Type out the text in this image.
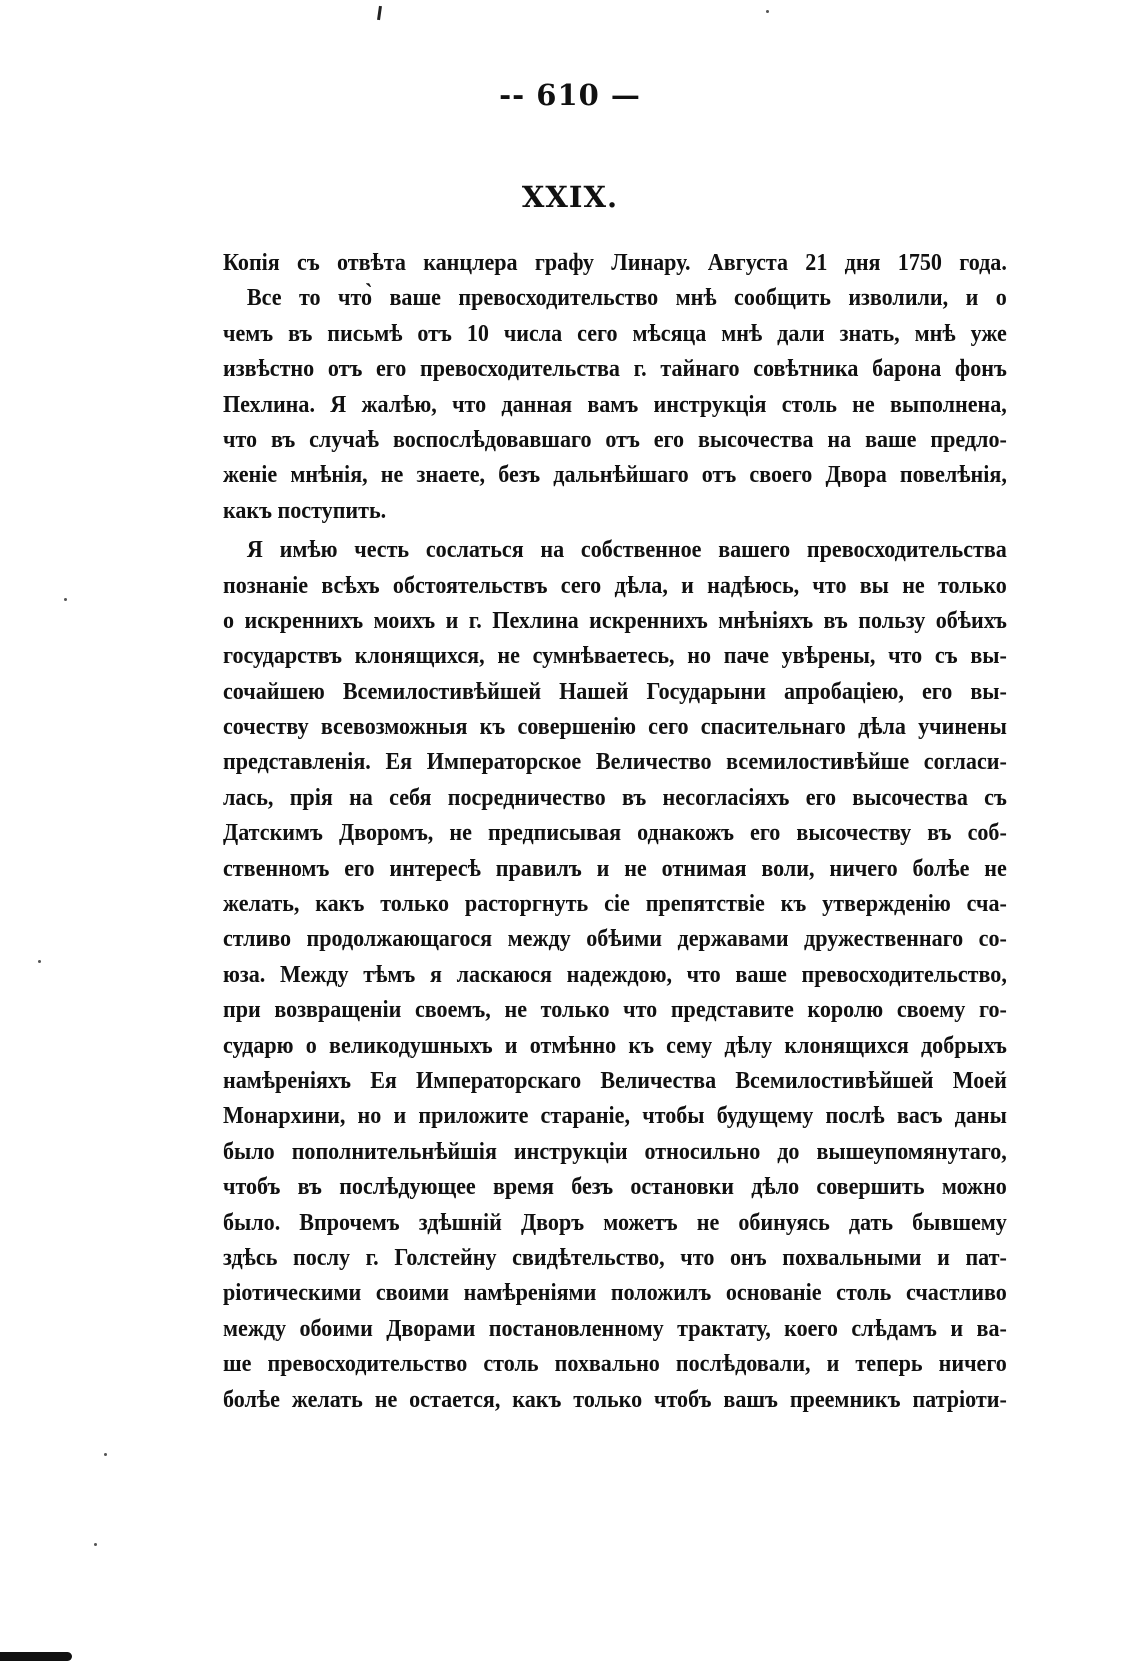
-- 610 —
XXIX.
Копія съ отвѣта канцлера графу Линару. Августа 21 дня 1750 года.
Все то что̀ ваше превосходительство мнѣ сообщить изволили, и о
чемъ въ письмѣ отъ 10 числа сего мѣсяца мнѣ дали знать, мнѣ уже
извѣстно отъ его превосходительства г. тайнаго совѣтника барона фонъ
Пехлина. Я жалѣю, что данная вамъ инструкція столь не выполнена,
что въ случаѣ воспослѣдовавшаго отъ его высочества на ваше предло-
женіе мнѣнія, не знаете, безъ дальнѣйшаго отъ своего Двора повелѣнія,
какъ поступить.
Я имѣю честь сослаться на собственное вашего превосходительства
познаніе всѣхъ обстоятельствъ сего дѣла, и надѣюсь, что вы не только
о искреннихъ моихъ и г. Пехлина искреннихъ мнѣніяхъ въ пользу обѣихъ
государствъ клонящихся, не сумнѣваетесь, но паче увѣрены, что съ вы-
сочайшею Всемилостивѣйшей Нашей Государыни апробаціею, его вы-
сочеству всевозможныя къ совершенію сего спасительнаго дѣла учинены
представленія. Ея Императорское Величество всемилостивѣйше согласи-
лась, прія на себя посредничество въ несогласіяхъ его высочества съ
Датскимъ Дворомъ, не предписывая однакожъ его высочеству въ соб-
ственномъ его интересѣ правилъ и не отнимая воли, ничего болѣе не
желать, какъ только расторгнуть сіе препятствіе къ утвержденію сча-
стливо продолжающагося между обѣими державами дружественнаго со-
юза. Между тѣмъ я ласкаюся надеждою, что ваше превосходительство,
при возвращеніи своемъ, не только что представите королю своему го-
сударю о великодушныхъ и отмѣнно къ сему дѣлу клонящихся добрыхъ
намѣреніяхъ Ея Императорскаго Величества Всемилостивѣйшей Моей
Монархини, но и приложите стараніе, чтобы будущему послѣ васъ даны
было пополнительнѣйшія инструкціи относильно до вышеупомянутаго,
чтобъ въ послѣдующее время безъ остановки дѣло совершить можно
было. Впрочемъ здѣшній Дворъ можетъ не обинуясь дать бывшему
здѣсь послу г. Голстейну свидѣтельство, что онъ похвальными и пат-
ріотическими своими намѣреніями положилъ основаніе столь счастливо
между обоими Дворами постановленному трактату, коего слѣдамъ и ва-
ше превосходительство столь похвально послѣдовали, и теперь ничего
болѣе желать не остается, какъ только чтобъ вашъ преемникъ патріоти-
